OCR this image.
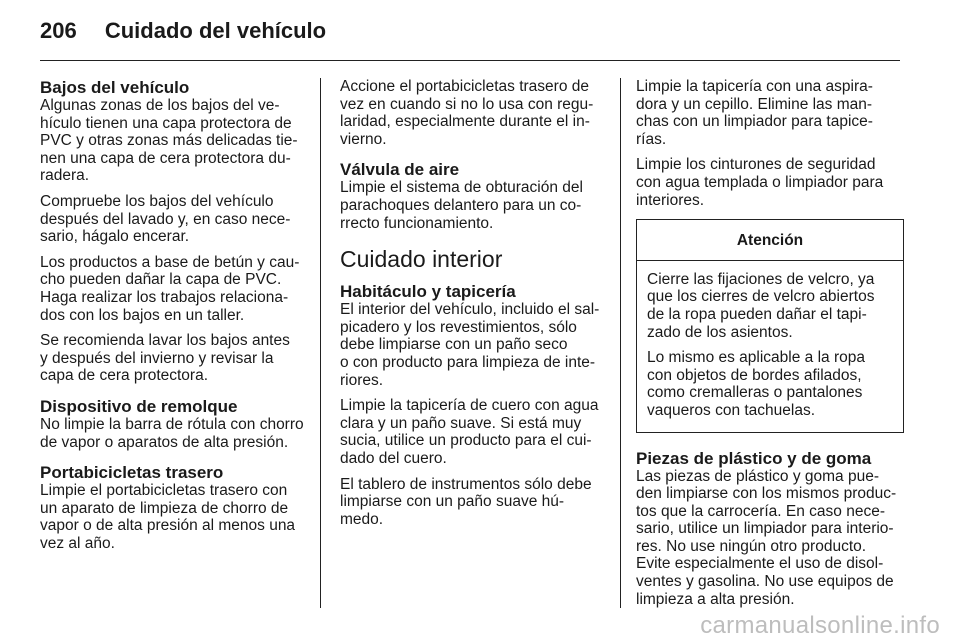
206 Cuidado del vehículo
Bajos del vehículo

Algunas zonas de los bajos del ve-
hículo tienen una capa protectora de
PVC y otras zonas más delicadas tie-
nen una capa de cera protectora du-
radera.

Compruebe los bajos del vehículo
después del lavado y, en caso nece-
sario, hágalo encerar.

Los productos a base de betún y cau-
cho pueden dañar la capa de PVC.
Haga realizar los trabajos relaciona-
dos con los bajos en un taller.

Se recomienda lavar los bajos antes
y después del invierno y revisar la
capa de cera protectora.

Dispositivo de remolque

No limpie la barra de rótula con chorro
de vapor o aparatos de alta presión.

Portabicicletas trasero

Limpie el portabicicletas trasero con
un aparato de limpieza de chorro de
vapor o de alta presión al menos una
vez al año.

Accione el portabicicletas trasero de
vez en cuando si no lo usa con regu-
laridad, especialmente durante el in-
vierno.

Válvula de aire

Limpie el sistema de obturación del
parachoques delantero para un co-
rrecto funcionamiento.

Cuidado interior
Habitáculo y tapicería

El interior del vehículo, incluido el sal-
picadero y los revestimientos, sólo
debe limpiarse con un paño seco
o con producto para limpieza de inte-
riores.

Limpie la tapicería de cuero con agua
clara y un paño suave. Si está muy
sucia, utilice un producto para el cui-
dado del cuero.

El tablero de instrumentos sólo debe
limpiarse con un paño suave hú-
medo.

Limpie la tapicería con una aspira-
dora y un cepillo. Elimine las man-
chas con un limpiador para tapice-
rías.

Limpie los cinturones de seguridad
con agua templada o limpiador para
interiores.

Atención

Cierre las fijaciones de velcro, ya
que los cierres de velcro abiertos
de la ropa pueden dañar el tapi-
zado de los asientos.

Lo mismo es aplicable a la ropa
con objetos de bordes afilados,
como cremalleras o pantalones
vaqueros con tachuelas.

Piezas de plástico y de goma

Las piezas de plástico y goma pue-
den limpiarse con los mismos produc-
tos que la carrocería. En caso nece-
sario, utilice un limpiador para interio-
res. No use ningún otro producto.
Evite especialmente el uso de disol-
ventes y gasolina. No use equipos de
limpieza a alta presión.

carmanualsonline.info
